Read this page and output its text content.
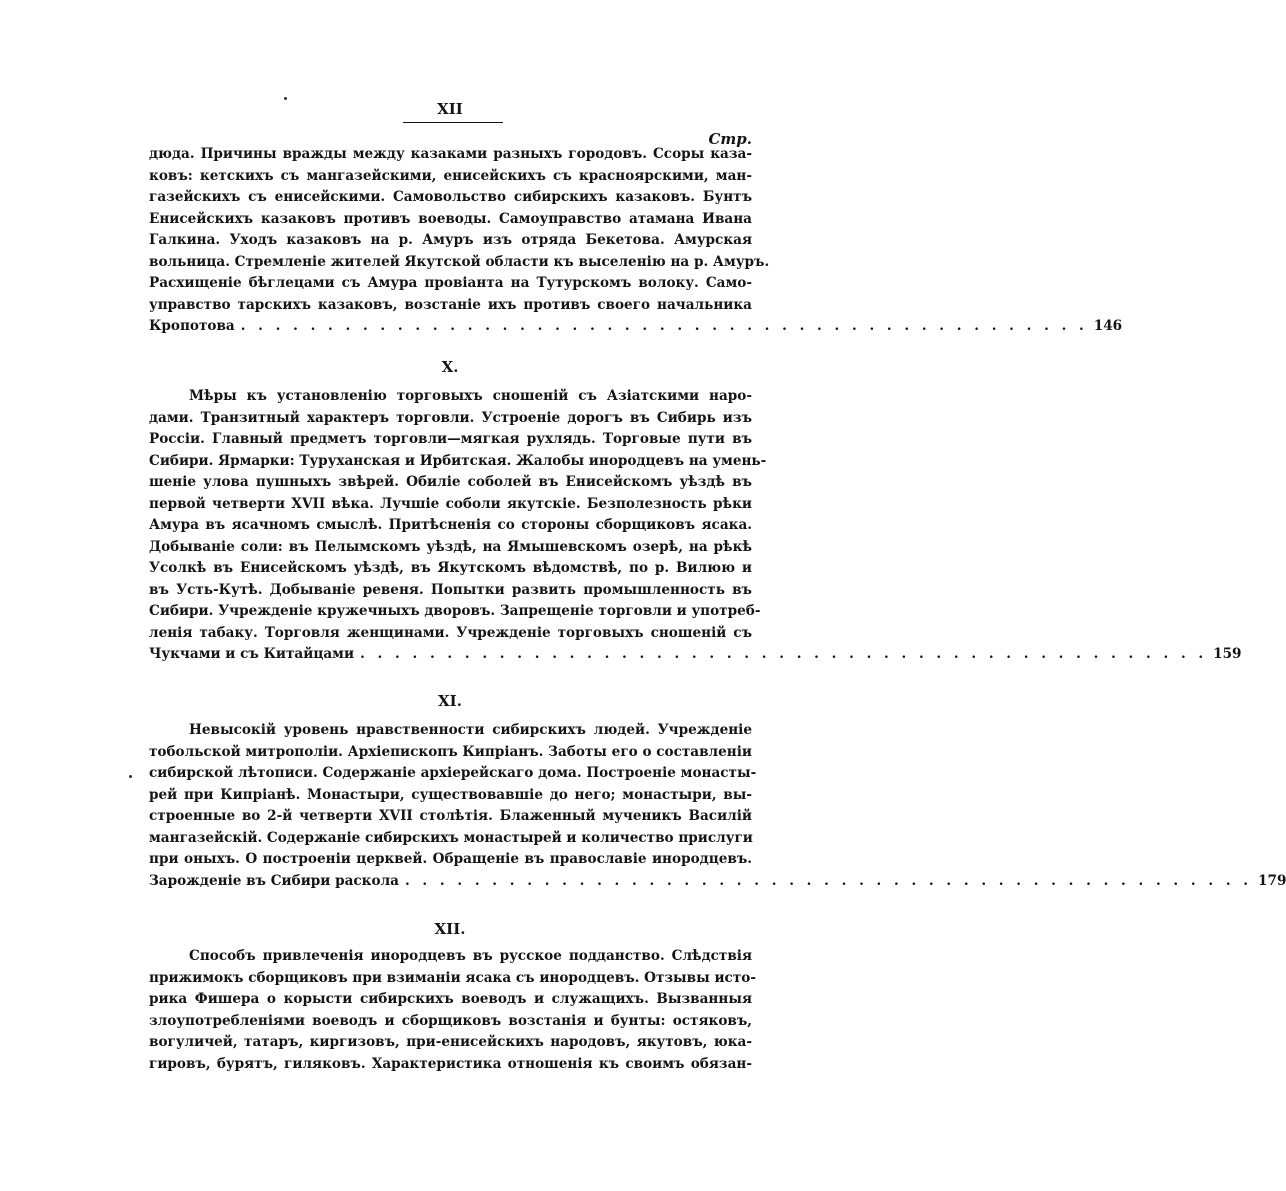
XII
Стр.
дюда. Причины вражды между казаками разныхъ городовъ. Ссоры каза-
ковъ: кетскихъ съ мангазейскими, енисейскихъ съ красноярскими, ман-
газейскихъ съ енисейскими. Самовольство сибирскихъ казаковъ. Бунтъ
Енисейскихъ казаковъ противъ воеводы. Самоуправство атамана Ивана
Галкина. Уходъ казаковъ на р. Амуръ изъ отряда Бекетова. Амурская
вольница. Стремленіе жителей Якутской области къ выселенію на р. Амуръ.
Расхищеніе бѣглецами съ Амура провіанта на Тутурскомъ волоку. Само-
управство тарскихъ казаковъ, возстаніе ихъ противъ своего начальника
Кропотова . . . . . . . . . . . . . . . . . . . . . . . . . . . . . . . . . . . . . . . . . . . . . . . . . 146
X.
Мѣры къ установленію торговыхъ сношеній съ Азіатскими наро-
дами. Транзитный характеръ торговли. Устроеніе дорогъ въ Сибирь изъ
Россіи. Главный предметъ торговли—мягкая рухлядь. Торговые пути въ
Сибири. Ярмарки: Туруханская и Ирбитская. Жалобы инородцевъ на умень-
шеніе улова пушныхъ звѣрей. Обиліе соболей въ Енисейскомъ уѣздѣ въ
первой четверти XVII вѣка. Лучшіе соболи якутскіе. Безполезность рѣки
Амура въ ясачномъ смыслѣ. Притѣсненія со стороны сборщиковъ ясака.
Добываніе соли: въ Пелымскомъ уѣздѣ, на Ямышевскомъ озерѣ, на рѣкѣ
Усолкѣ въ Енисейскомъ уѣздѣ, въ Якутскомъ вѣдомствѣ, по р. Вилюю и
въ Усть-Кутѣ. Добываніе ревеня. Попытки развить промышленность въ
Сибири. Учрежденіе кружечныхъ дворовъ. Запрещеніе торговли и употреб-
ленія табаку. Торговля женщинами. Учрежденіе торговыхъ сношеній съ
Чукчами и съ Китайцами . . . . . . . . . . . . . . . . . . . . . . . . . . . . . . . . . . . . . . . . . . . . . . . . . 159
XI.
Невысокій уровень нравственности сибирскихъ людей. Учрежденіе
тобольской митрополіи. Архіепископъ Кипріанъ. Заботы его о составленіи
сибирской лѣтописи. Содержаніе архіерейскаго дома. Построеніе монасты-
рей при Кипріанѣ. Монастыри, существовавшіе до него; монастыри, вы-
строенные во 2-й четверти XVII столѣтія. Блаженный мученикъ Василій
мангазейскій. Содержаніе сибирскихъ монастырей и количество прислуги
при оныхъ. О построеніи церквей. Обращеніе въ православіе инородцевъ.
Зарожденіе въ Сибири раскола . . . . . . . . . . . . . . . . . . . . . . . . . . . . . . . . . . . . . . . . . . . . . . . . . 179
XII.
Способъ привлеченія инородцевъ въ русское подданство. Слѣдствія
прижимокъ сборщиковъ при взиманіи ясака съ инородцевъ. Отзывы исто-
рика Фишера о корысти сибирскихъ воеводъ и служащихъ. Вызванныя
злоупотребленіями воеводъ и сборщиковъ возстанія и бунты: остяковъ,
вогуличей, татаръ, киргизовъ, при-енисейскихъ народовъ, якутовъ, юка-
гировъ, бурятъ, гиляковъ. Характеристика отношенія къ своимъ обязан-
